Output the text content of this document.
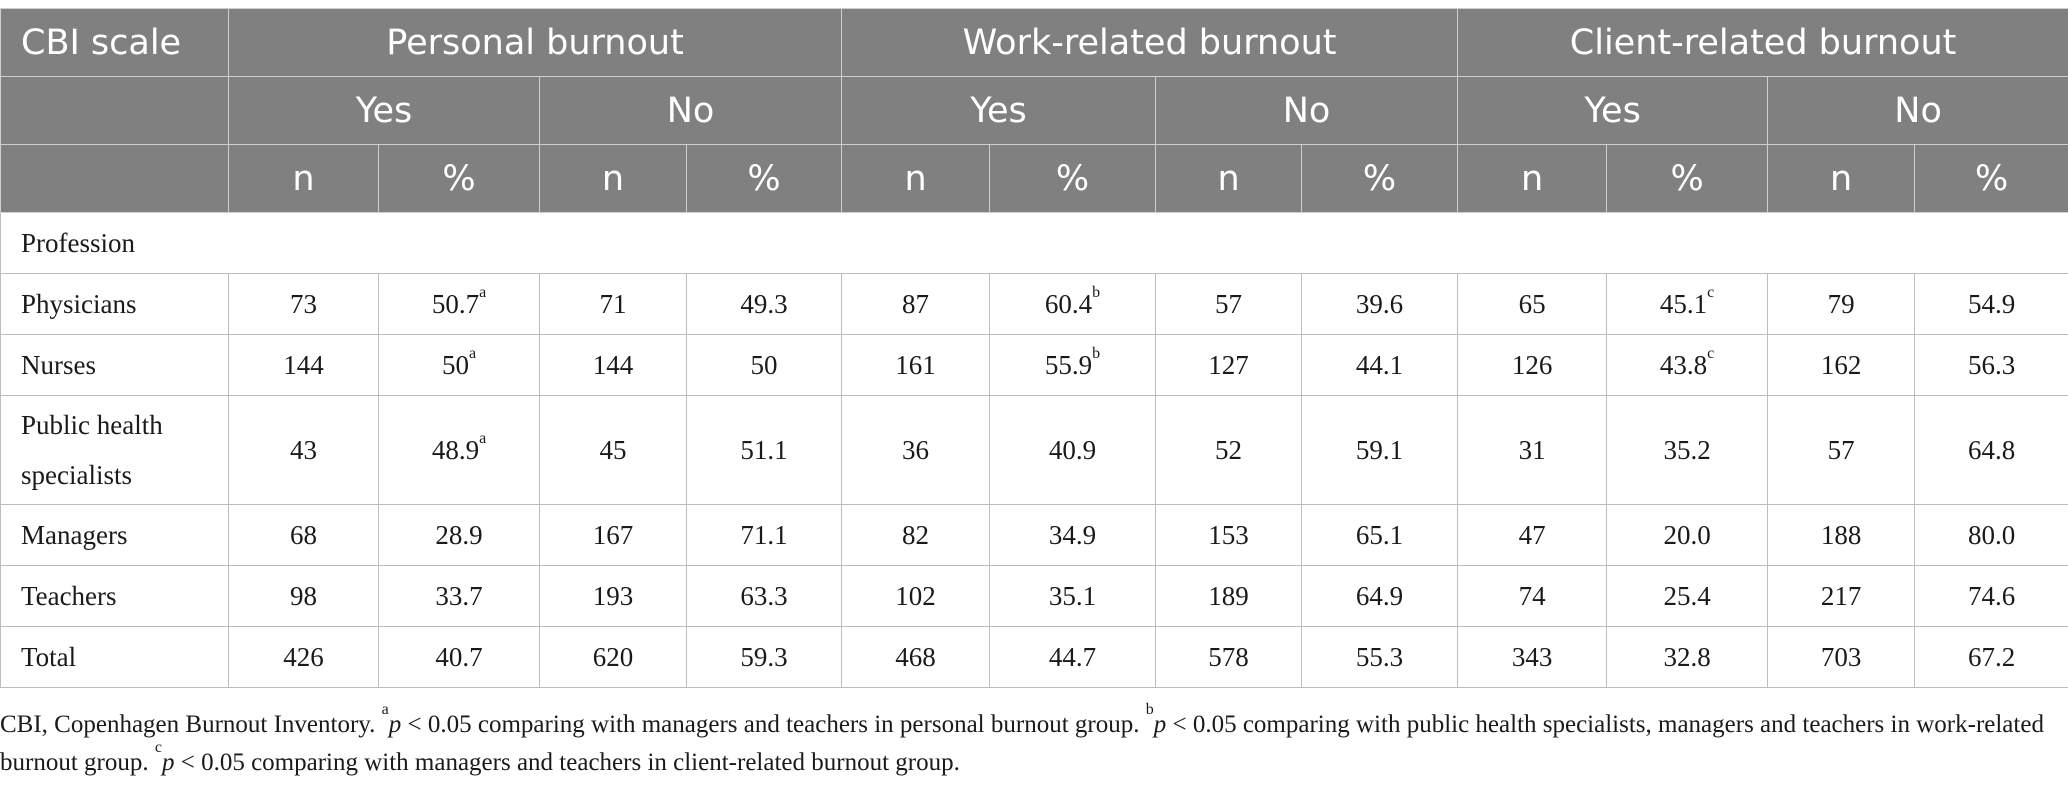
CBI scale	Personal burnout				Work-related burnout				Client-related burnout			
	Yes		No		Yes		No		Yes		No	
	n	%	n	%	n	%	n	%	n	%	n	%
Profession												
Physicians	73	50.7$^a$	71	49.3	87	60.4$^b$	57	39.6	65	45.1$^c$	79	54.9
Nurses	144	50$^a$	144	50	161	55.9$^b$	127	44.1	126	43.8$^c$	162	56.3
Public health specialists	43	48.9$^a$	45	51.1	36	40.9	52	59.1	31	35.2	57	64.8
Managers	68	28.9	167	71.1	82	34.9	153	65.1	47	20.0	188	80.0
Teachers	98	33.7	193	63.3	102	35.1	189	64.9	74	25.4	217	74.6
Total	426	40.7	620	59.3	468	44.7	578	55.3	343	32.8	703	67.2
CBI, Copenhagen Burnout Inventory. $^a$p < 0.05 comparing with managers and teachers in personal burnout group. $^b$p < 0.05 comparing with public health specialists, managers and teachers in work-related burnout group. $^c$p < 0.05 comparing with managers and teachers in client-related burnout group.
